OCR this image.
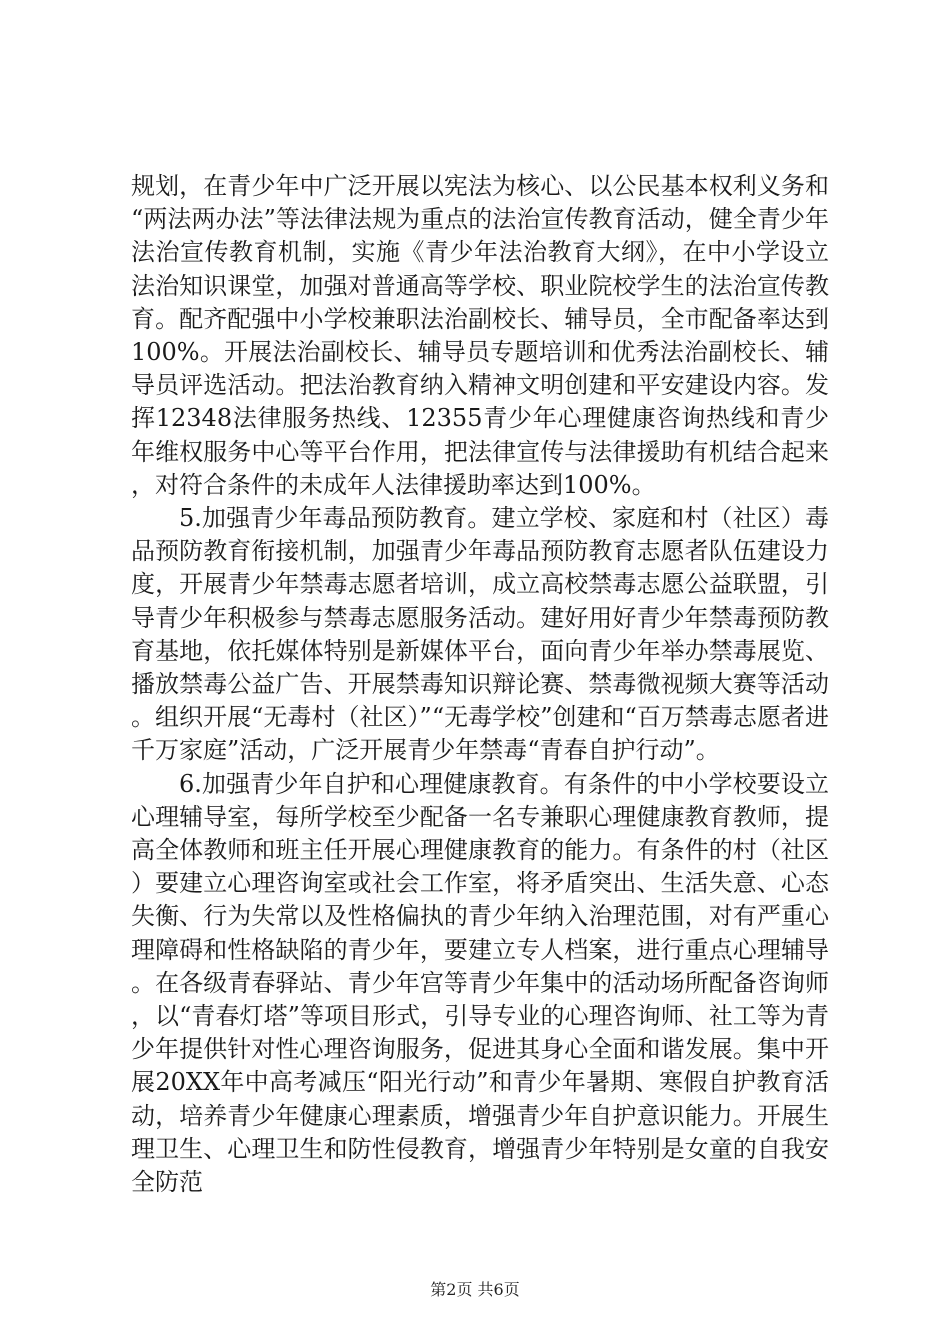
规划，在青少年中广泛开展以宪法为核心、以公民基本权利义务和“两法两办法”等法律法规为重点的法治宣传教育活动，健全青少年法治宣传教育机制，实施《青少年法治教育大纲》，在中小学设立法治知识课堂，加强对普通高等学校、职业院校学生的法治宣传教育。配齐配强中小学校兼职法治副校长、辅导员，全市配备率达到100%。开展法治副校长、辅导员专题培训和优秀法治副校长、辅导员评选活动。把法治教育纳入精神文明创建和平安建设内容。发挥12348法律服务热线、12355青少年心理健康咨询热线和青少年维权服务中心等平台作用，把法律宣传与法律援助有机结合起来，对符合条件的未成年人法律援助率达到100%。

5.加强青少年毒品预防教育。建立学校、家庭和村（社区）毒品预防教育衔接机制，加强青少年毒品预防教育志愿者队伍建设力度，开展青少年禁毒志愿者培训，成立高校禁毒志愿公益联盟，引导青少年积极参与禁毒志愿服务活动。建好用好青少年禁毒预防教育基地，依托媒体特别是新媒体平台，面向青少年举办禁毒展览、播放禁毒公益广告、开展禁毒知识辩论赛、禁毒微视频大赛等活动。组织开展“无毒村（社区）”“无毒学校”创建和“百万禁毒志愿者进千万家庭”活动，广泛开展青少年禁毒“青春自护行动”。

6.加强青少年自护和心理健康教育。有条件的中小学校要设立心理辅导室，每所学校至少配备一名专兼职心理健康教育教师，提高全体教师和班主任开展心理健康教育的能力。有条件的村（社区）要建立心理咨询室或社会工作室，将矛盾突出、生活失意、心态失衡、行为失常以及性格偏执的青少年纳入治理范围，对有严重心理障碍和性格缺陷的青少年，要建立专人档案，进行重点心理辅导。在各级青春驿站、青少年宫等青少年集中的活动场所配备咨询师，以“青春灯塔”等项目形式，引导专业的心理咨询师、社工等为青少年提供针对性心理咨询服务，促进其身心全面和谐发展。集中开展20XX年中高考减压“阳光行动”和青少年暑期、寒假自护教育活动，培养青少年健康心理素质，增强青少年自护意识能力。开展生理卫生、心理卫生和防性侵教育，增强青少年特别是女童的自我安全防范

第2页 共6页
